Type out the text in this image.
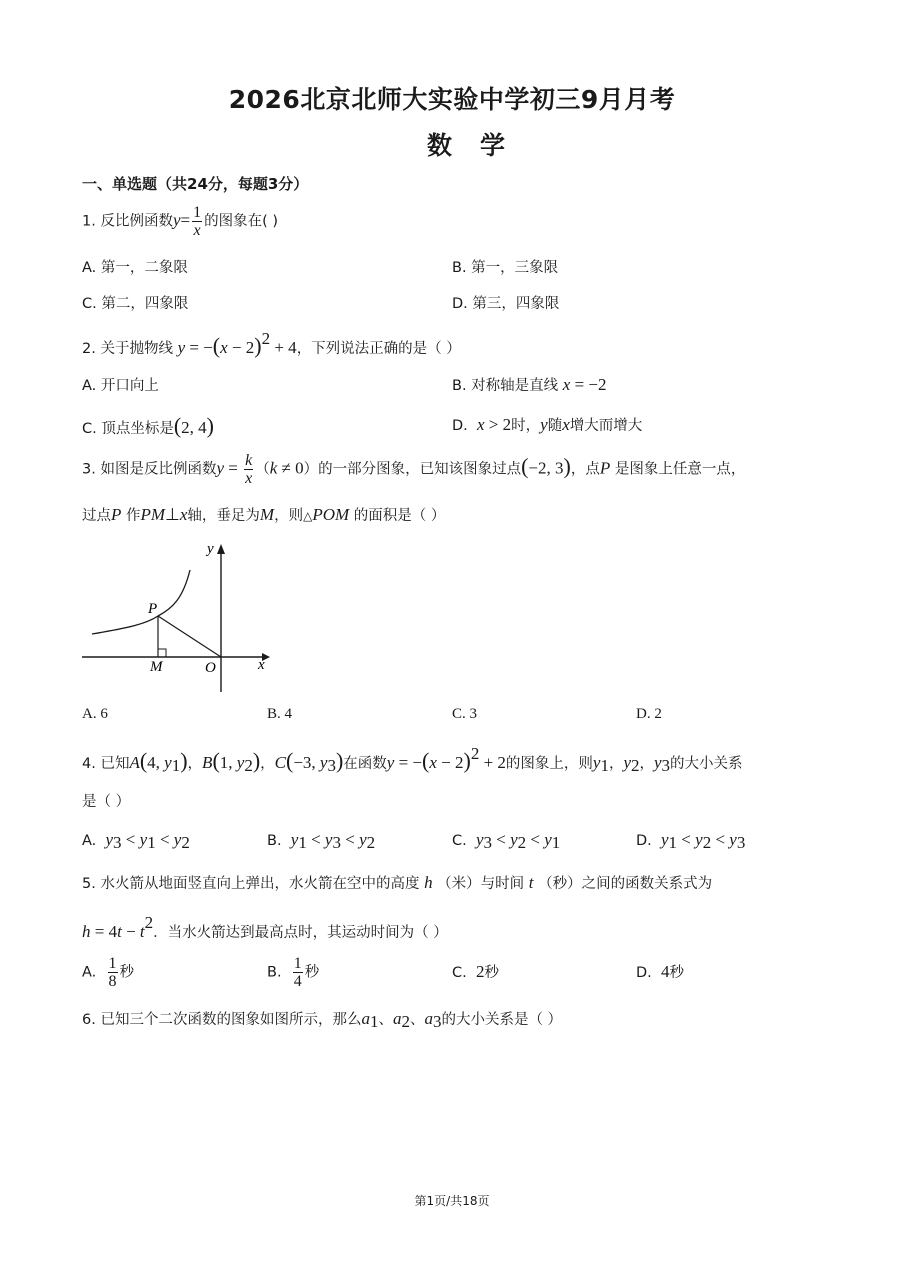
2026北京北师大实验中学初三9月月考
数学
一、单选题（共24分，每题3分）
1. 反比例函数$y= \frac{1}{x}$ 的图象在( )
A. 第一，二象限	B. 第一，三象限
C. 第二，四象限	D. 第三，四象限
2. 关于抛物线 $y = -(x - 2)^2 + 4$，下列说法正确的是（ ）
A. 开口向上	B. 对称轴是直线 x = −2
C. 顶点坐标是(2, 4)	D. x > 2时，y随x增大而增大
3. 如图是反比例函数$y = \frac{k}{x} (k \ne 0)$的一部分图象，已知该图象过点(−2, 3)，点P 是图象上任意一点，
过点P 作PM⊥x轴，垂足为M，则△POM 的面积是（ ）
y
x
P
M	O
A. 6	B. 4	C. 3	D. 2
4. 已知A(4, $y_1$)，B(1, $y_2$)，C(−3, $y_3$)在函数$y = -(x - 2)^2 + 2$的图象上，则$y_1$，$y_2$，$y_3$的大小关系
是（ ）
A.  $y_3 < y_1 < y_2$	B.  $y_1 < y_3 < y_2$	C.  $y_3 < y_2 < y_1$	D.  $y_1 < y_2 < y_3$
5. 水火箭从地面竖直向上弹出，水火箭在空中的高度 h （米）与时间 t （秒）之间的函数关系式为
$h = 4t - t^2$．当水火箭达到最高点时，其运动时间为（ ）
A. $\frac{1}{8}$ 秒	B. $\frac{1}{4}$ 秒	C. 2秒	D. 4秒
6. 已知三个二次函数的图象如图所示，那么$a_1$、$a_2$、$a_3$的大小关系是（ ）
第1页/共18页
